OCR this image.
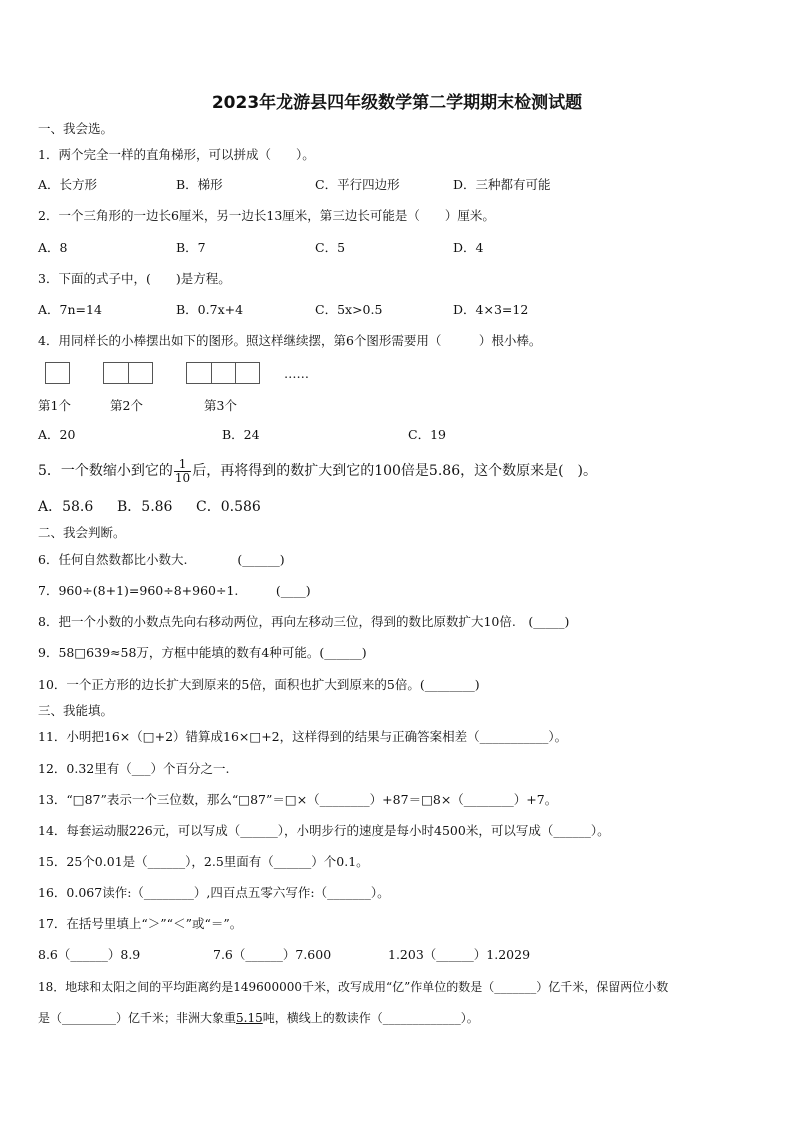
2023年龙游县四年级数学第二学期期末检测试题
一、我会选。
1．两个完全一样的直角梯形，可以拼成（　　）。
A．长方形	B．梯形	C．平行四边形	D．三种都有可能
2．一个三角形的一边长6厘米，另一边长13厘米，第三边长可能是（　　）厘米。
A．8	B．7	C．5	D．4
3．下面的式子中，(　　)是方程。
A．7n=14	B．0.7x+4	C．5x>0.5	D．4×3=12
4．用同样长的小棒摆出如下的图形。照这样继续摆，第6个图形需要用（　　　）根小棒。
……
第1个	第2个	第3个
A．20	B．24	C．19
5．一个数缩小到它的 $\frac{1}{10}$ 后，再将得到的数扩大到它的100倍是5.86，这个数原来是(　)。
A．58.6 B．5.86 C．0.586
二、我会判断。
6．任何自然数都比小数大.　　　　(______)
7．960÷(8+1)=960÷8+960÷1.　　　(____)
8．把一个小数的小数点先向右移动两位，再向左移动三位，得到的数比原数扩大10倍.　(_____)
9．58□639≈58万，方框中能填的数有4种可能。(______)
10．一个正方形的边长扩大到原来的5倍，面积也扩大到原来的5倍。(________)
三、我能填。
11．小明把16×（□+2）错算成16×□+2，这样得到的结果与正确答案相差（___________）。
12．0.32里有（___）个百分之一.
13．“□87”表示一个三位数，那么“□87”＝□×（________）+87＝□8×（________）+7。
14．每套运动服226元，可以写成（______），小明步行的速度是每小时4500米，可以写成（______）。
15．25个0.01是（______），2.5里面有（______）个0.1。
16．0.067读作:（________）,四百点五零六写作:（_______）。
17．在括号里填上“＞”“＜”或“＝”。
8.6（______）8.9	7.6（______）7.600	1.203（______）1.2029
18．地球和太阳之间的平均距离约是149600000千米，改写成用“亿”作单位的数是（_______）亿千米，保留两位小数
是（_________）亿千米；非洲大象重5.15吨，横线上的数读作（_____________）。
